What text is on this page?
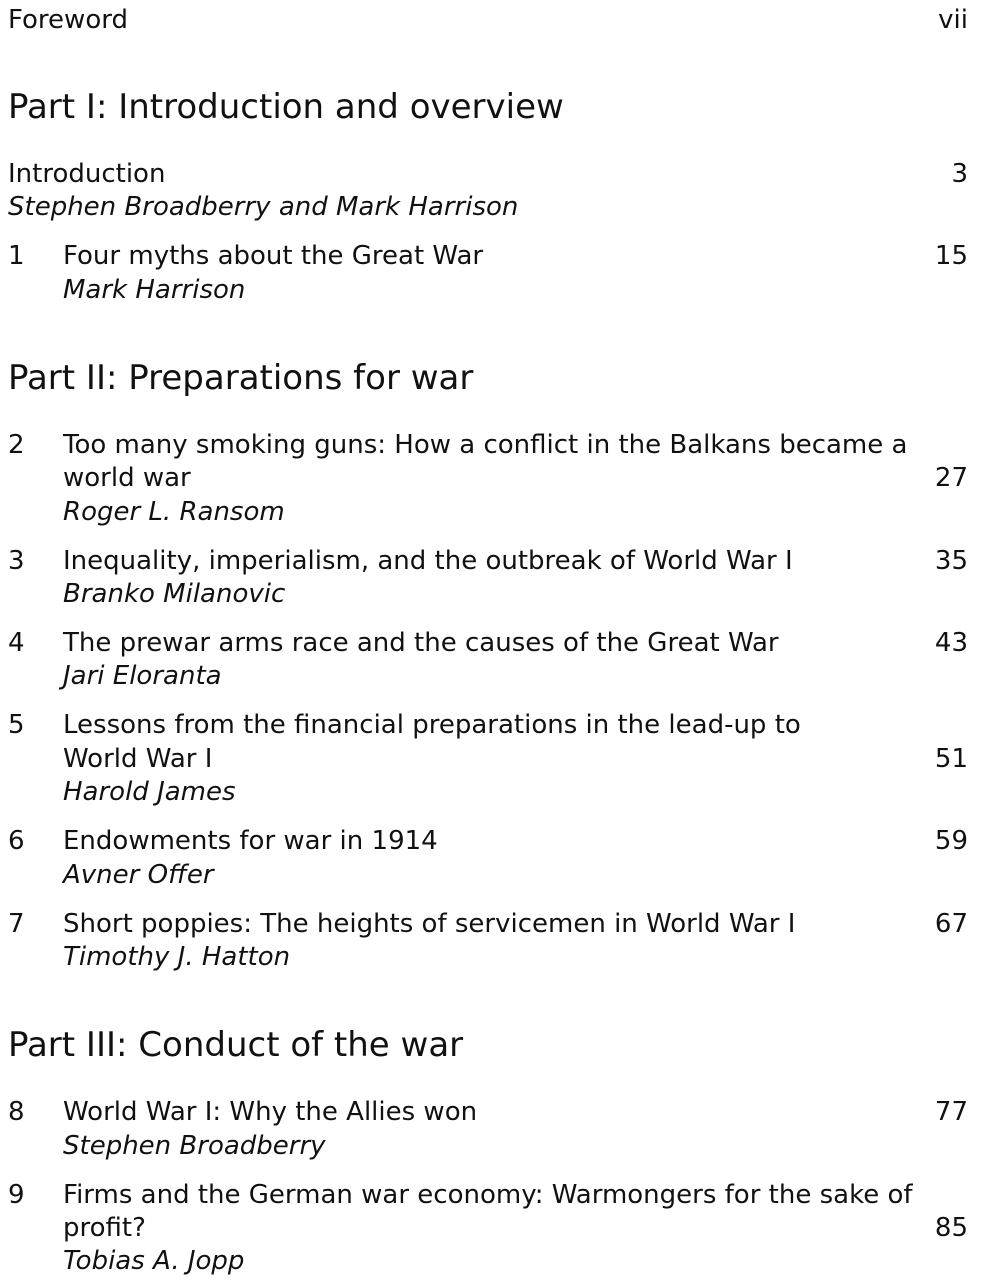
Foreword	vii
Part I: Introduction and overview
Introduction	3
Stephen Broadberry and Mark Harrison
1 Four myths about the Great War	15
Mark Harrison
Part II: Preparations for war
2 Too many smoking guns: How a conflict in the Balkans became a
world war	27
Roger L. Ransom
3 Inequality, imperialism, and the outbreak of World War I	35
Branko Milanovic
4 The prewar arms race and the causes of the Great War	43
Jari Eloranta
5 Lessons from the financial preparations in the lead-up to
World War I	51
Harold James
6 Endowments for war in 1914	59
Avner Offer
7 Short poppies: The heights of servicemen in World War I	67
Timothy J. Hatton
Part III: Conduct of the war
8 World War I: Why the Allies won	77
Stephen Broadberry
9 Firms and the German war economy: Warmongers for the sake of
profit?	85
Tobias A. Jopp
